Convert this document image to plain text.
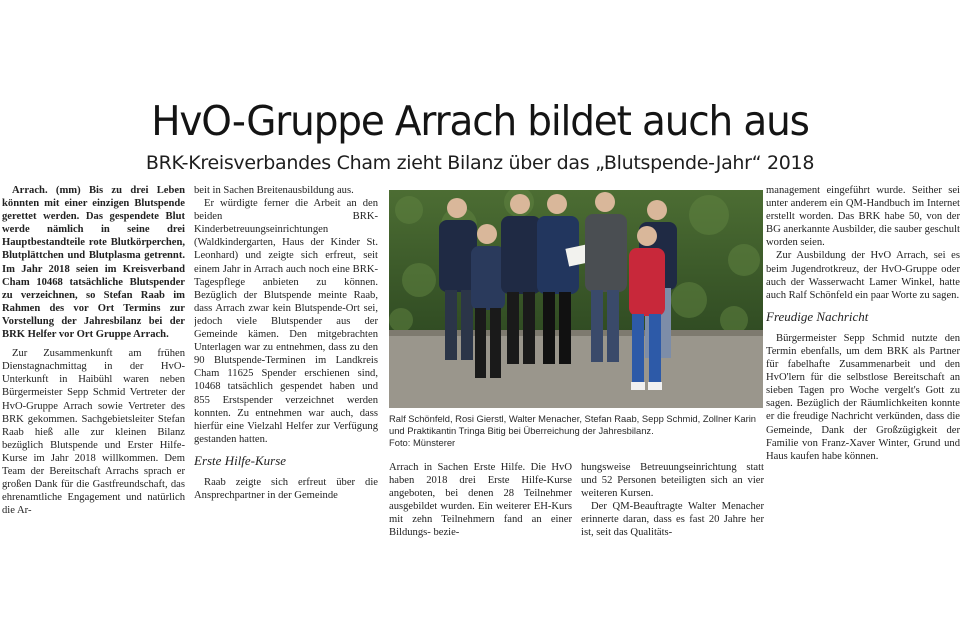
HvO-Gruppe Arrach bildet auch aus
BRK-Kreisverbandes Cham zieht Bilanz über das „Blutspende-Jahr“ 2018

Arrach. (mm) Bis zu drei Leben könnten mit einer einzigen Blutspende gerettet werden. Das gespendete Blut werde nämlich in seine drei Hauptbestandteile rote Blutkörperchen, Blutplättchen und Blutplasma getrennt. Im Jahr 2018 seien im Kreisverband Cham 10468 tatsächliche Blutspender zu verzeichnen, so Stefan Raab im Rahmen des vor Ort Termins zur Vorstellung der Jahresbilanz bei der BRK Helfer vor Ort Gruppe Arrach.

Zur Zusammenkunft am frühen Dienstagnachmittag in der HvO-Unterkunft in Haibühl waren neben Bürgermeister Sepp Schmid Vertreter der HvO-Gruppe Arrach sowie Vertreter des BRK gekommen. Sachgebietsleiter Stefan Raab hieß alle zur kleinen Bilanz bezüglich Blutspende und Erster Hilfe-Kurse im Jahr 2018 willkommen. Dem Team der Bereitschaft Arrachs sprach er großen Dank für die Gastfreundschaft, das ehrenamtliche Engagement und natürlich die Ar-

beit in Sachen Breitenausbildung aus.

Er würdigte ferner die Arbeit an den beiden BRK-Kinderbetreuungseinrichtungen (Waldkindergarten, Haus der Kinder St. Leonhard) und zeigte sich erfreut, seit einem Jahr in Arrach auch noch eine BRK-Tagespflege anbieten zu können. Bezüglich der Blutspende meinte Raab, dass Arrach zwar kein Blutspende-Ort sei, jedoch viele Blutspender aus der Gemeinde kämen. Den mitgebrachten Unterlagen war zu entnehmen, dass zu den 90 Blutspende-Terminen im Landkreis Cham 11625 Spender erschienen sind, 10468 tatsächlich gespendet haben und 855 Erstspender verzeichnet werden konnten. Zu entnehmen war auch, dass hierfür eine Vielzahl Helfer zur Verfügung gestanden hatten.

Erste Hilfe-Kurse

Raab zeigte sich erfreut über die Ansprechpartner in der Gemeinde

Ralf Schönfeld, Rosi Gierstl, Walter Menacher, Stefan Raab, Sepp Schmid, Zollner Karin und Praktikantin Tringa Bitig bei Überreichung der Jahresbilanz.
Foto: Münsterer

Arrach in Sachen Erste Hilfe. Die HvO haben 2018 drei Erste Hilfe-Kurse angeboten, bei denen 28 Teilnehmer ausgebildet wurden. Ein weiterer EH-Kurs mit zehn Teilnehmern fand an einer Bildungs- bezie-

hungsweise Betreuungseinrichtung statt und 52 Personen beteiligten sich an vier weiteren Kursen.

Der QM-Beauftragte Walter Menacher erinnerte daran, dass es fast 20 Jahre her ist, seit das Qualitäts-

management eingeführt wurde. Seither sei unter anderem ein QM-Handbuch im Internet erstellt worden. Das BRK habe 50, von der BG anerkannte Ausbilder, die sauber geschult worden seien.

Zur Ausbildung der HvO Arrach, sei es beim Jugendrotkreuz, der HvO-Gruppe oder auch der Wasserwacht Lamer Winkel, hatte auch Ralf Schönfeld ein paar Worte zu sagen.

Freudige Nachricht

Bürgermeister Sepp Schmid nutzte den Termin ebenfalls, um dem BRK als Partner für fabelhafte Zusammenarbeit und den HvO'lern für die selbstlose Bereitschaft an sieben Tagen pro Woche vergelt's Gott zu sagen. Bezüglich der Räumlichkeiten konnte er die freudige Nachricht verkünden, dass die Gemeinde, Dank der Großzügigkeit der Familie von Franz-Xaver Winter, Grund und Haus kaufen habe können.
